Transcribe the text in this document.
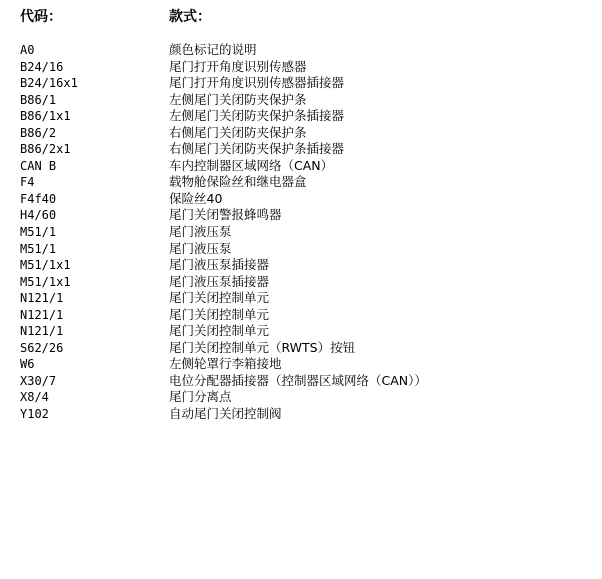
代码：	款式：
A0	颜色标记的说明
B24/16	尾门打开角度识别传感器
B24/16x1	尾门打开角度识别传感器插接器
B86/1	左侧尾门关闭防夹保护条
B86/1x1	左侧尾门关闭防夹保护条插接器
B86/2	右侧尾门关闭防夹保护条
B86/2x1	右侧尾门关闭防夹保护条插接器
CAN B	车内控制器区域网络（CAN）
F4	载物舱保险丝和继电器盒
F4f40	保险丝40
H4/60	尾门关闭警报蜂鸣器
M51/1	尾门液压泵
M51/1	尾门液压泵
M51/1x1	尾门液压泵插接器
M51/1x1	尾门液压泵插接器
N121/1	尾门关闭控制单元
N121/1	尾门关闭控制单元
N121/1	尾门关闭控制单元
S62/26	尾门关闭控制单元（RWTS）按钮
W6	左侧轮罩行李箱接地
X30/7	电位分配器插接器（控制器区域网络（CAN））
X8/4	尾门分离点
Y102	自动尾门关闭控制阀
